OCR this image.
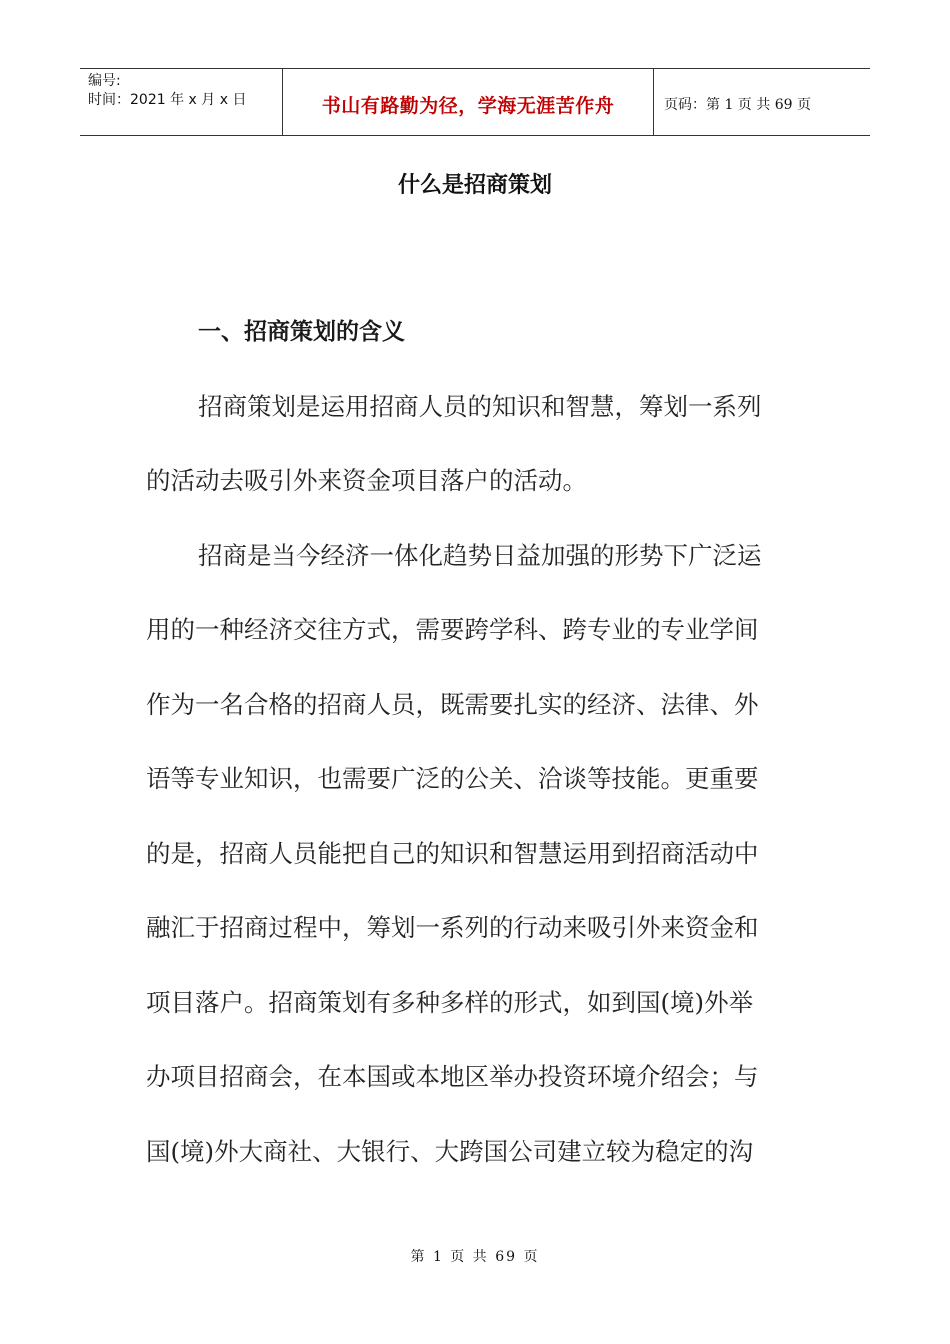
编号:
时间：2021 年 x 月 x 日	书山有路勤为径，学海无涯苦作舟	页码：第 1 页 共 69 页
什么是招商策划
一、招商策划的含义
招商策划是运用招商人员的知识和智慧，筹划一系列
的活动去吸引外来资金项目落户的活动。
招商是当今经济一体化趋势日益加强的形势下广泛运
用的一种经济交往方式，需要跨学科、跨专业的专业学间
作为一名合格的招商人员，既需要扎实的经济、法律、外
语等专业知识，也需要广泛的公关、洽谈等技能。更重要
的是，招商人员能把自己的知识和智慧运用到招商活动中
融汇于招商过程中，筹划一系列的行动来吸引外来资金和
项目落户。招商策划有多种多样的形式，如到国(境)外举
办项目招商会，在本国或本地区举办投资环境介绍会；与
国(境)外大商社、大银行、大跨国公司建立较为稳定的沟
第 1 页 共 69 页
